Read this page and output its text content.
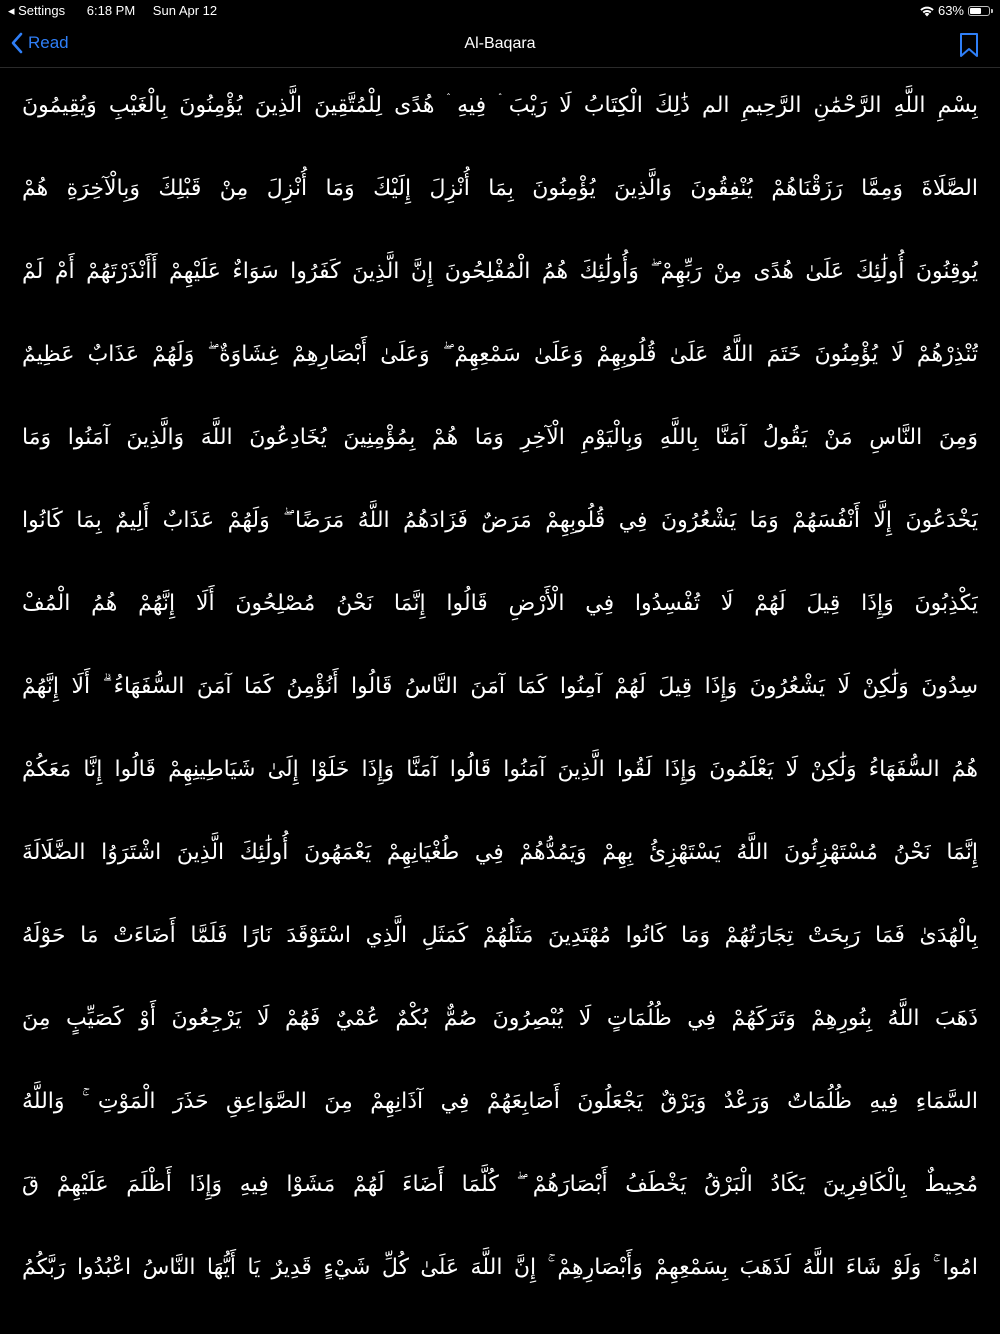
◂ Settings 6:18 PM Sun Apr 12	63%
Read	Al-Baqara
بِسْمِ اللَّهِ الرَّحْمَٰنِ الرَّحِيمِ الم ذَٰلِكَ الْكِتَابُ لَا رَيْبَ ۛ فِيهِ ۛ هُدًى لِلْمُتَّقِينَ الَّذِينَ يُؤْمِنُونَ بِالْغَيْبِ وَيُقِيمُونَ
الصَّلَاةَ وَمِمَّا رَزَقْنَاهُمْ يُنْفِقُونَ وَالَّذِينَ يُؤْمِنُونَ بِمَا أُنْزِلَ إِلَيْكَ وَمَا أُنْزِلَ مِنْ قَبْلِكَ وَبِالْآخِرَةِ هُمْ
يُوقِنُونَ أُولَٰئِكَ عَلَىٰ هُدًى مِنْ رَبِّهِمْ ۖ وَأُولَٰئِكَ هُمُ الْمُفْلِحُونَ إِنَّ الَّذِينَ كَفَرُوا سَوَاءٌ عَلَيْهِمْ أَأَنْذَرْتَهُمْ أَمْ لَمْ
تُنْذِرْهُمْ لَا يُؤْمِنُونَ خَتَمَ اللَّهُ عَلَىٰ قُلُوبِهِمْ وَعَلَىٰ سَمْعِهِمْ ۖ وَعَلَىٰ أَبْصَارِهِمْ غِشَاوَةٌ ۖ وَلَهُمْ عَذَابٌ عَظِيمٌ
وَمِنَ النَّاسِ مَنْ يَقُولُ آمَنَّا بِاللَّهِ وَبِالْيَوْمِ الْآخِرِ وَمَا هُمْ بِمُؤْمِنِينَ يُخَادِعُونَ اللَّهَ وَالَّذِينَ آمَنُوا وَمَا
يَخْدَعُونَ إِلَّا أَنْفُسَهُمْ وَمَا يَشْعُرُونَ فِي قُلُوبِهِمْ مَرَضٌ فَزَادَهُمُ اللَّهُ مَرَضًا ۖ وَلَهُمْ عَذَابٌ أَلِيمٌ بِمَا كَانُوا
يَكْذِبُونَ وَإِذَا قِيلَ لَهُمْ لَا تُفْسِدُوا فِي الْأَرْضِ قَالُوا إِنَّمَا نَحْنُ مُصْلِحُونَ أَلَا إِنَّهُمْ هُمُ الْمُفْ
سِدُونَ وَلَٰكِنْ لَا يَشْعُرُونَ وَإِذَا قِيلَ لَهُمْ آمِنُوا كَمَا آمَنَ النَّاسُ قَالُوا أَنُؤْمِنُ كَمَا آمَنَ السُّفَهَاءُ ۗ أَلَا إِنَّهُمْ
هُمُ السُّفَهَاءُ وَلَٰكِنْ لَا يَعْلَمُونَ وَإِذَا لَقُوا الَّذِينَ آمَنُوا قَالُوا آمَنَّا وَإِذَا خَلَوْا إِلَىٰ شَيَاطِينِهِمْ قَالُوا إِنَّا مَعَكُمْ
إِنَّمَا نَحْنُ مُسْتَهْزِئُونَ اللَّهُ يَسْتَهْزِئُ بِهِمْ وَيَمُدُّهُمْ فِي طُغْيَانِهِمْ يَعْمَهُونَ أُولَٰئِكَ الَّذِينَ اشْتَرَوُا الضَّلَالَةَ
بِالْهُدَىٰ فَمَا رَبِحَتْ تِجَارَتُهُمْ وَمَا كَانُوا مُهْتَدِينَ مَثَلُهُمْ كَمَثَلِ الَّذِي اسْتَوْقَدَ نَارًا فَلَمَّا أَضَاءَتْ مَا حَوْلَهُ
ذَهَبَ اللَّهُ بِنُورِهِمْ وَتَرَكَهُمْ فِي ظُلُمَاتٍ لَا يُبْصِرُونَ صُمٌّ بُكْمٌ عُمْيٌ فَهُمْ لَا يَرْجِعُونَ أَوْ كَصَيِّبٍ مِنَ
السَّمَاءِ فِيهِ ظُلُمَاتٌ وَرَعْدٌ وَبَرْقٌ يَجْعَلُونَ أَصَابِعَهُمْ فِي آذَانِهِمْ مِنَ الصَّوَاعِقِ حَذَرَ الْمَوْتِ ۚ وَاللَّهُ
مُحِيطٌ بِالْكَافِرِينَ يَكَادُ الْبَرْقُ يَخْطَفُ أَبْصَارَهُمْ ۖ كُلَّمَا أَضَاءَ لَهُمْ مَشَوْا فِيهِ وَإِذَا أَظْلَمَ عَلَيْهِمْ قَ
امُوا ۚ وَلَوْ شَاءَ اللَّهُ لَذَهَبَ بِسَمْعِهِمْ وَأَبْصَارِهِمْ ۚ إِنَّ اللَّهَ عَلَىٰ كُلِّ شَيْءٍ قَدِيرٌ يَا أَيُّهَا النَّاسُ اعْبُدُوا رَبَّكُمُ
